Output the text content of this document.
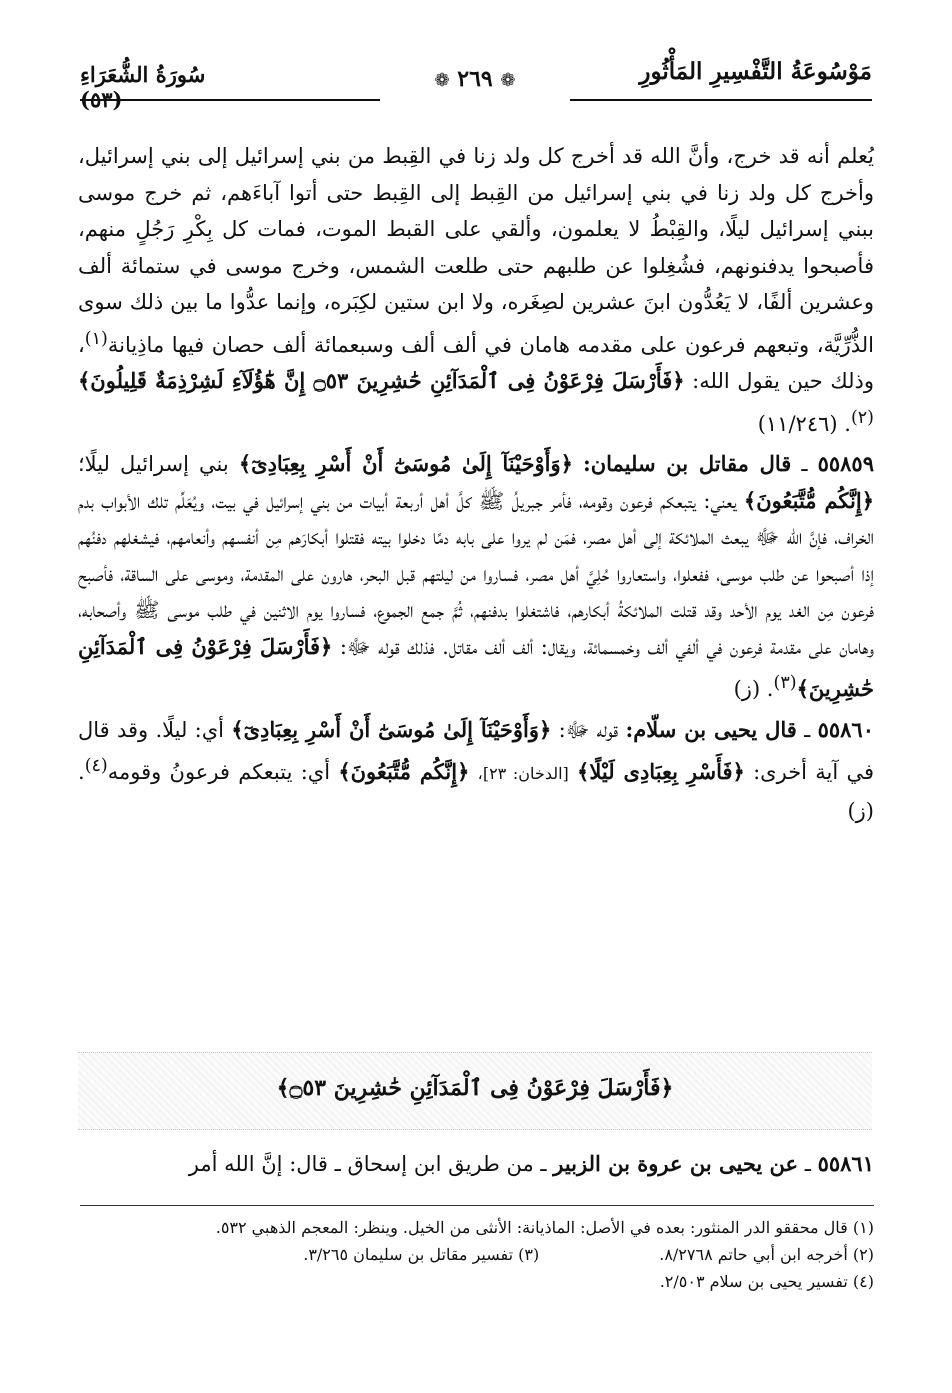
سُورَةُ الشُّعَرَاءِ (٥٣)
❁ ٢٦٩ ❁	مَوْسُوعَةُ التَّفْسِيرِ المَأْثُورِ

يُعلم أنه قد خرج، وأنَّ الله قد أخرج كل ولد زنا في القِبط من بني إسرائيل إلى بني إسرائيل، وأخرج كل ولد زنا في بني إسرائيل من القِبط إلى القِبط حتى أتوا آباءَهم، ثم خرج موسى ببني إسرائيل ليلًا، والقِبْطُ لا يعلمون، وألقي على القبط الموت، فمات كل بِكْرِ رَجُلٍ منهم، فأصبحوا يدفنونهم، فشُغِلوا عن طلبهم حتى طلعت الشمس، وخرج موسى في ستمائة ألف وعشرين ألفًا، لا يَعُدُّون ابنَ عشرين لصِغَره، ولا ابن ستين لكِبَره، وإنما عدُّوا ما بين ذلك سوى الذُّرِّيَّة، وتبعهم فرعون على مقدمه هامان في ألف ألف وسبعمائة ألف حصان فيها ماذِيانة$^{(١)}$، وذلك حين يقول الله: ﴿فَأَرْسَلَ فِرْعَوْنُ فِى ٱلْمَدَآئِنِ حَٰشِرِينَ ۝٥٣ إِنَّ هَٰٓؤُلَآءِ لَشِرْذِمَةٌ قَلِيلُونَ﴾$^{(٢)}$. (١١/٢٤٦)

٥٥٨٥٩ ـ قال مقاتل بن سليمان: ﴿وَأَوْحَيْنَآ إِلَىٰ مُوسَىٰٓ أَنْ أَسْرِ بِعِبَادِىٓ﴾ بني إسرائيل ليلًا؛ ﴿إِنَّكُم مُّتَّبَعُونَ﴾ يعني: يتبعكم فرعون وقومه، فأمر جبريلُ ﷺ كلَّ أهل أربعة أبيات من بني إسرائيل في بيت، ويُعَلِّم تلك الأبواب بدم الخراف، فإنَّ الله ﷻ يبعث الملائكة إلى أهل مصر، فمَن لم يروا على بابه دمًا دخلوا بيته فقتلوا أبكارَهم مِن أنفسهم وأنعامهم، فيشغلهم دفنُهم إذا أصبحوا عن طلب موسى، ففعلوا، واستعاروا حُلِيَّ أهل مصر، فساروا من ليلتهم قبل البحر، هارون على المقدمة، وموسى على الساقة، فأصبح فرعون مِن الغد يوم الأحد وقد قتلت الملائكةُ أبكارهم، فاشتغلوا بدفنهم، ثُمَّ جمع الجموع، فساروا يوم الاثنين في طلب موسى ﷺ وأصحابه، وهامان على مقدمة فرعون في ألفي ألف وخمسمائة، ويقال: ألف ألف مقاتل. فذلك قوله ﷻ: ﴿فَأَرْسَلَ فِرْعَوْنُ فِى ٱلْمَدَآئِنِ حَٰشِرِينَ﴾$^{(٣)}$. (ز)

٥٥٨٦٠ ـ قال يحيى بن سلّام: قوله ﷻ: ﴿وَأَوْحَيْنَآ إِلَىٰ مُوسَىٰٓ أَنْ أَسْرِ بِعِبَادِىٓ﴾ أي: ليلًا. وقد قال في آية أخرى: ﴿فَأَسْرِ بِعِبَادِى لَيْلًا﴾ [الدخان: ٢٣]، ﴿إِنَّكُم مُّتَّبَعُونَ﴾ أي: يتبعكم فرعونُ وقومه$^{(٤)}$. (ز)

﴿فَأَرْسَلَ فِرْعَوْنُ فِى ٱلْمَدَآئِنِ حَٰشِرِينَ ۝٥٣﴾
٥٥٨٦١ ـ عن يحيى بن عروة بن الزبير ـ من طريق ابن إسحاق ـ قال: إنَّ الله أمر
(١) قال محققو الدر المنثور: بعده في الأصل: الماذيانة: الأنثى من الخيل. وينظر: المعجم الذهبي ٥٣٢.
(٢) أخرجه ابن أبي حاتم ٨/٢٧٦٨.
(٣) تفسير مقاتل بن سليمان ٣/٢٦٥.
(٤) تفسير يحيى بن سلام ٢/٥٠٣.
